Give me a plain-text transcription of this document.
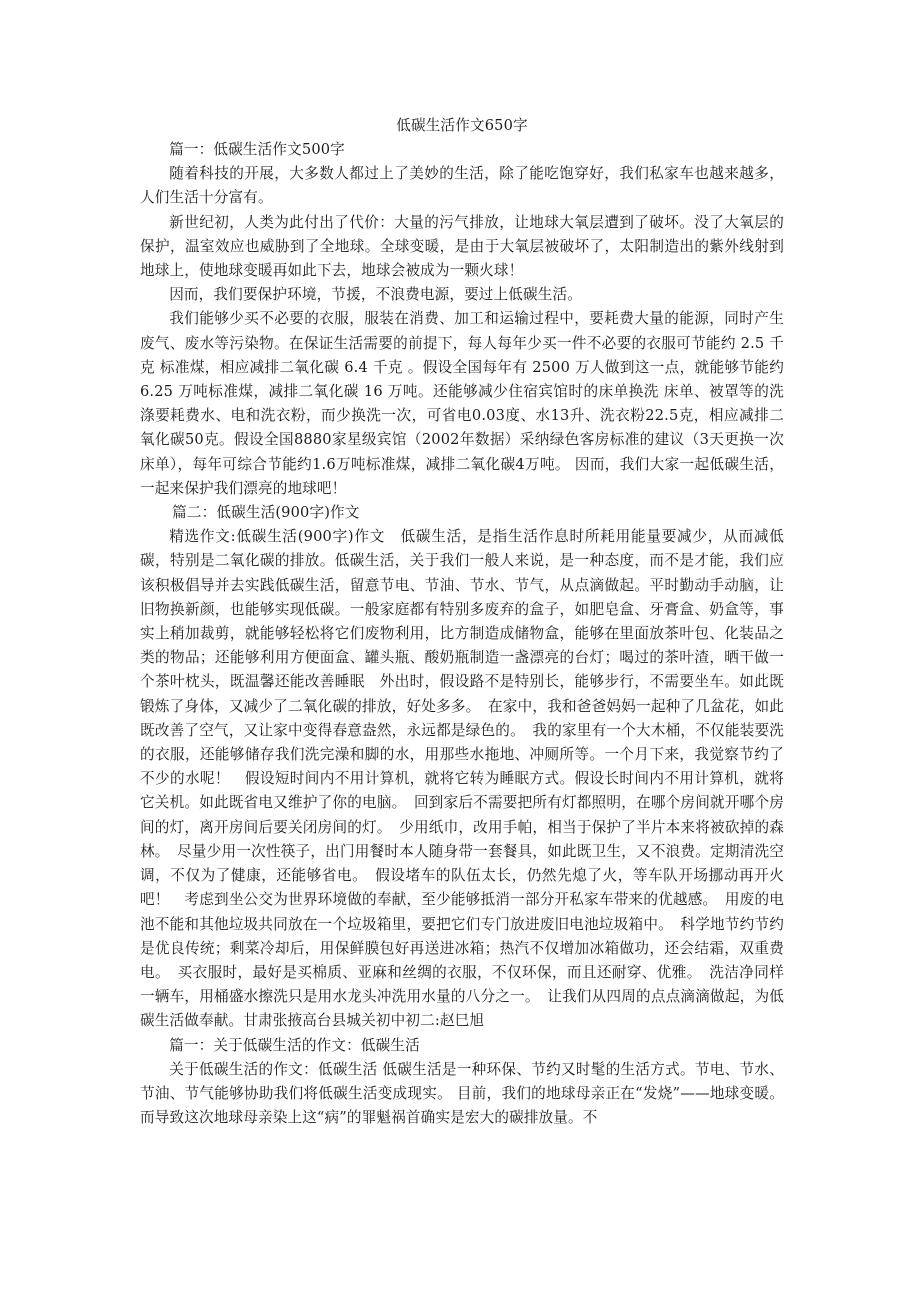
低碳生活作文650字

篇一：低碳生活作文500字

随着科技的开展，大多数人都过上了美妙的生活，除了能吃饱穿好，我们私家车也越来越多，人们生活十分富有。

新世纪初，人类为此付出了代价：大量的污气排放，让地球大氧层遭到了破坏。没了大氧层的保护，温室效应也威胁到了全地球。全球变暖，是由于大氧层被破坏了，太阳制造出的紫外线射到地球上，使地球变暖再如此下去，地球会被成为一颗火球！

因而，我们要保护环境，节援，不浪费电源，要过上低碳生活。

我们能够少买不必要的衣服，服装在消费、加工和运输过程中，要耗费大量的能源，同时产生废气、废水等污染物。在保证生活需要的前提下，每人每年少买一件不必要的衣服可节能约 2.5 千克 标准煤，相应减排二氧化碳 6.4 千克 。假设全国每年有 2500 万人做到这一点，就能够节能约 6.25 万吨标准煤，减排二氧化碳 16 万吨。还能够减少住宿宾馆时的床单换洗 床单、被罩等的洗涤要耗费水、电和洗衣粉，而少换洗一次，可省电0.03度、水13升、洗衣粉22.5克，相应减排二氧化碳50克。假设全国8880家星级宾馆（2002年数据）采纳绿色客房标准的建议（3天更换一次床单），每年可综合节能约1.6万吨标准煤，减排二氧化碳4万吨。 因而，我们大家一起低碳生活，一起来保护我们漂亮的地球吧！

篇二：低碳生活(900字)作文

精选作文:低碳生活(900字)作文　低碳生活，是指生活作息时所耗用能量要减少，从而减低碳，特别是二氧化碳的排放。低碳生活，关于我们一般人来说，是一种态度，而不是才能，我们应该积极倡导并去实践低碳生活，留意节电、节油、节水、节气，从点滴做起。平时勤动手动脑，让旧物换新颜，也能够实现低碳。一般家庭都有特别多废弃的盒子，如肥皂盒、牙膏盒、奶盒等，事实上稍加裁剪，就能够轻松将它们废物利用，比方制造成储物盒，能够在里面放茶叶包、化装品之类的物品；还能够利用方便面盒、罐头瓶、酸奶瓶制造一盏漂亮的台灯；喝过的茶叶渣，晒干做一个茶叶枕头，既温馨还能改善睡眠　外出时，假设路不是特别长，能够步行，不需要坐车。如此既锻炼了身体，又减少了二氧化碳的排放，好处多多。　在家中，我和爸爸妈妈一起种了几盆花，如此既改善了空气，又让家中变得春意盎然，永远都是绿色的。　我的家里有一个大木桶，不仅能装要洗的衣服，还能够储存我们洗完澡和脚的水，用那些水拖地、冲厕所等。一个月下来，我觉察节约了不少的水呢！　假设短时间内不用计算机，就将它转为睡眠方式。假设长时间内不用计算机，就将它关机。如此既省电又维护了你的电脑。　回到家后不需要把所有灯都照明，在哪个房间就开哪个房间的灯，离开房间后要关闭房间的灯。　少用纸巾，改用手帕，相当于保护了半片本来将被砍掉的森林。　尽量少用一次性筷子，出门用餐时本人随身带一套餐具，如此既卫生，又不浪费。定期清洗空调，不仅为了健康，还能够省电。　假设堵车的队伍太长，仍然先熄了火，等车队开场挪动再开火吧！　考虑到坐公交为世界环境做的奉献，至少能够抵消一部分开私家车带来的优越感。　用废的电池不能和其他垃圾共同放在一个垃圾箱里，要把它们专门放进废旧电池垃圾箱中。　科学地节约节约是优良传统；剩菜冷却后，用保鲜膜包好再送进冰箱；热汽不仅增加冰箱做功，还会结霜，双重费电。　买衣服时，最好是买棉质、亚麻和丝绸的衣服，不仅环保，而且还耐穿、优雅。　洗洁净同样一辆车，用桶盛水擦洗只是用水龙头冲洗用水量的八分之一。　让我们从四周的点点滴滴做起，为低碳生活做奉献。甘肃张掖高台县城关初中初二:赵巳旭

篇一：关于低碳生活的作文：低碳生活

关于低碳生活的作文：低碳生活 低碳生活是一种环保、节约又时髦的生活方式。节电、节水、节油、节气能够协助我们将低碳生活变成现实。 目前，我们的地球母亲正在“发烧”——地球变暖。而导致这次地球母亲染上这“病”的罪魁祸首确实是宏大的碳排放量。不
